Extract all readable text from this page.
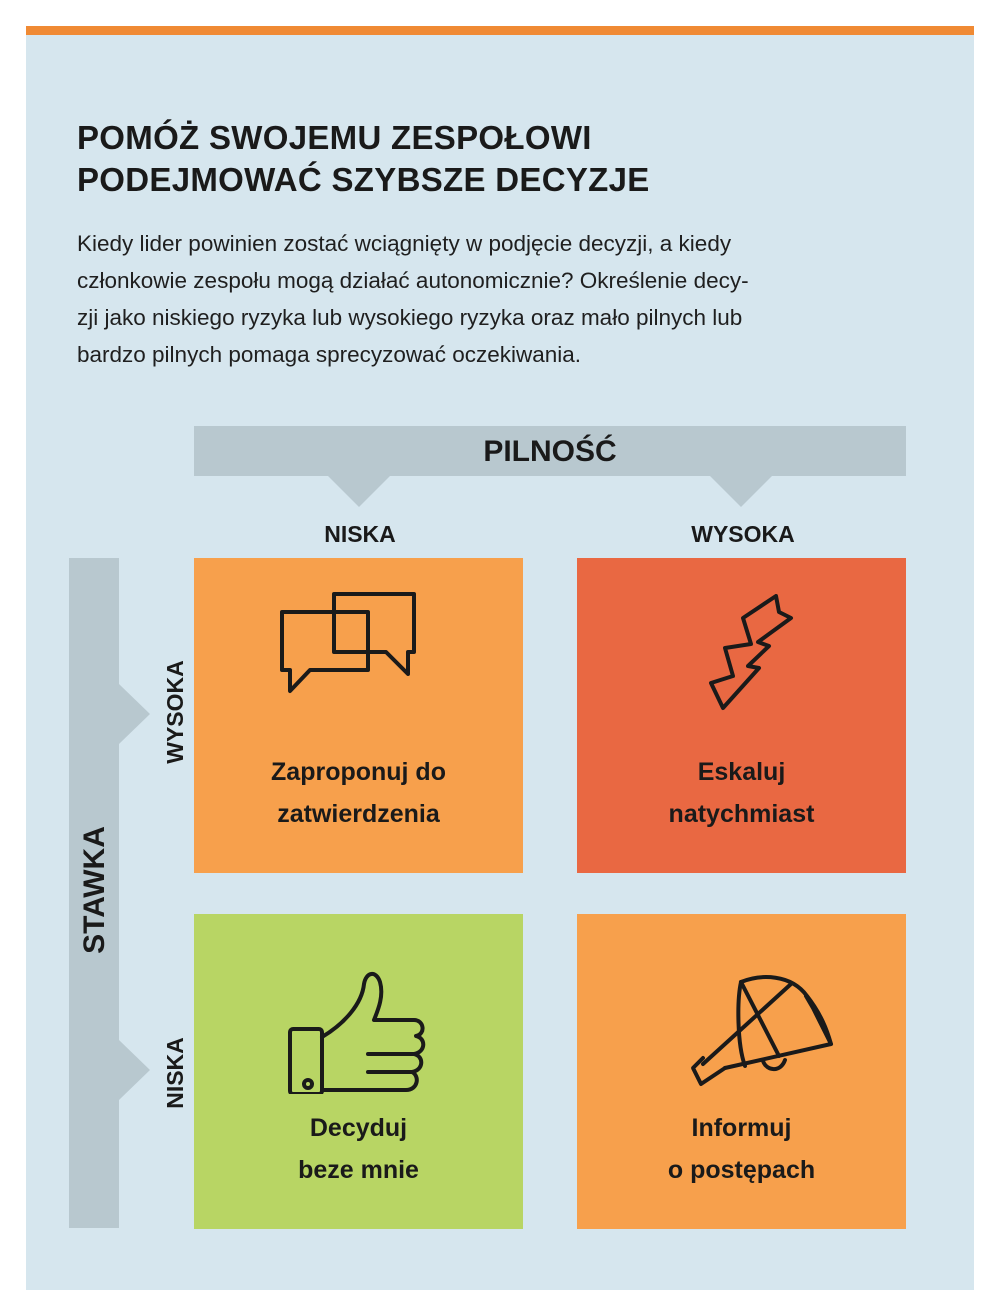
POMÓŻ SWOJEMU ZESPOŁOWI
PODEJMOWAĆ SZYBSZE DECYZJE

Kiedy lider powinien zostać wciągnięty w podjęcie decyzji, a kiedy
członkowie zespołu mogą działać autonomicznie? Określenie decy-
zji jako niskiego ryzyka lub wysokiego ryzyka oraz mało pilnych lub
bardzo pilnych pomaga sprecyzować oczekiwania.

PILNOŚĆ
NISKA	WYSOKA
STAWKA
WYSOKA
NISKA
Zaproponuj do
zatwierdzenia
Eskaluj
natychmiast
Decyduj
beze mnie
Informuj
o postępach
